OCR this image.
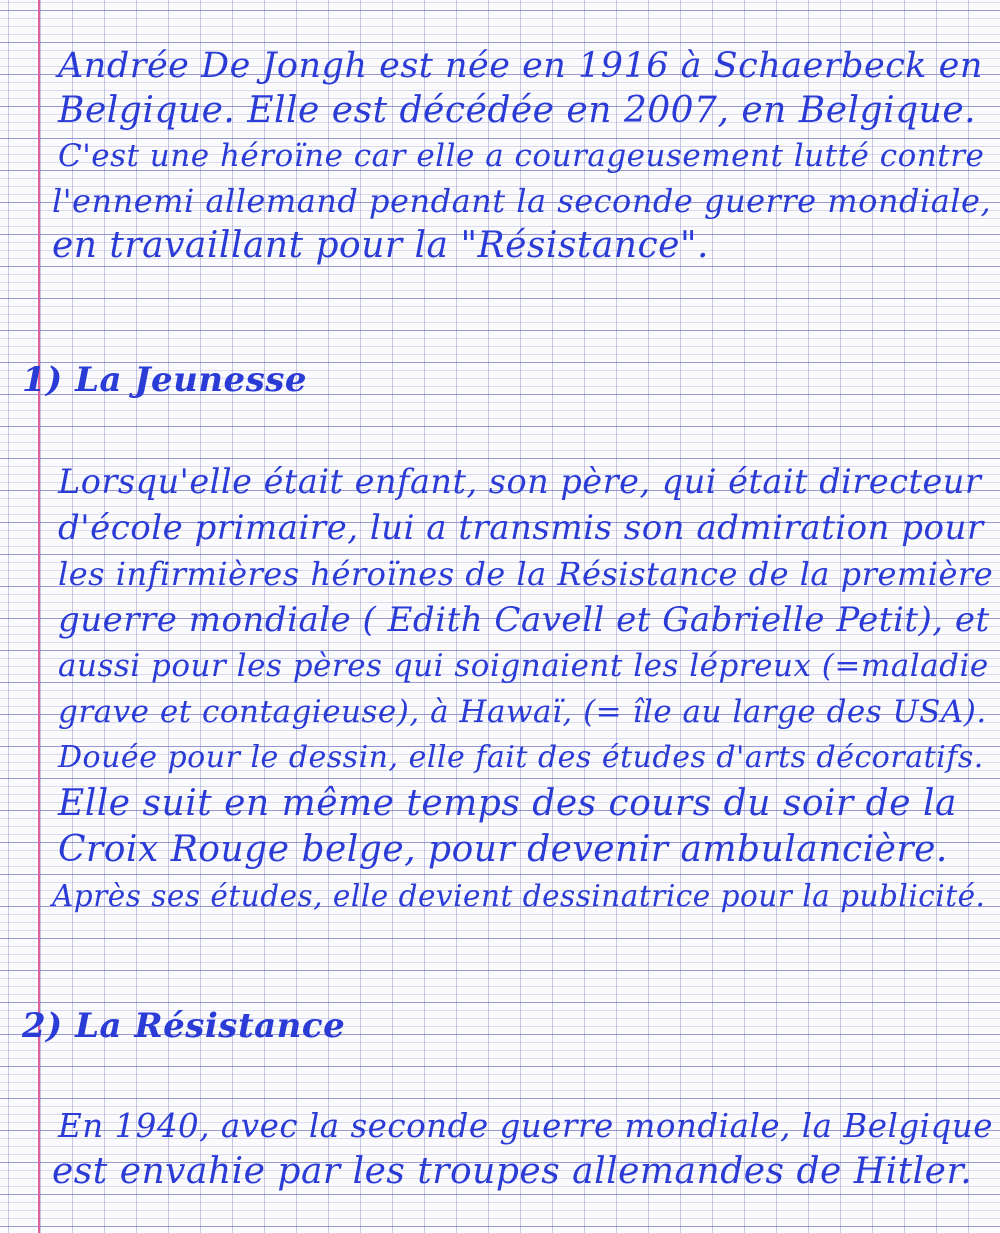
Andrée De Jongh est née en 1916 à Schaerbeck en

Belgique. Elle est décédée en 2007, en Belgique.

C'est une héroïne car elle a courageusement lutté contre

l'ennemi allemand pendant la seconde guerre mondiale,

en travaillant pour la "Résistance".

1) La Jeunesse

Lorsqu'elle était enfant, son père, qui était directeur

d'école primaire, lui a transmis son admiration pour

les infirmières héroïnes de la Résistance de la première

guerre mondiale ( Edith Cavell et Gabrielle Petit), et

aussi pour les pères qui soignaient les lépreux (=maladie

grave et contagieuse), à Hawaï, (= île au large des USA).

Douée pour le dessin, elle fait des études d'arts décoratifs.

Elle suit en même temps des cours du soir de la

Croix Rouge belge, pour devenir ambulancière.

Après ses études, elle devient dessinatrice pour la publicité.

2) La Résistance

En 1940, avec la seconde guerre mondiale, la Belgique

est envahie par les troupes allemandes de Hitler.
